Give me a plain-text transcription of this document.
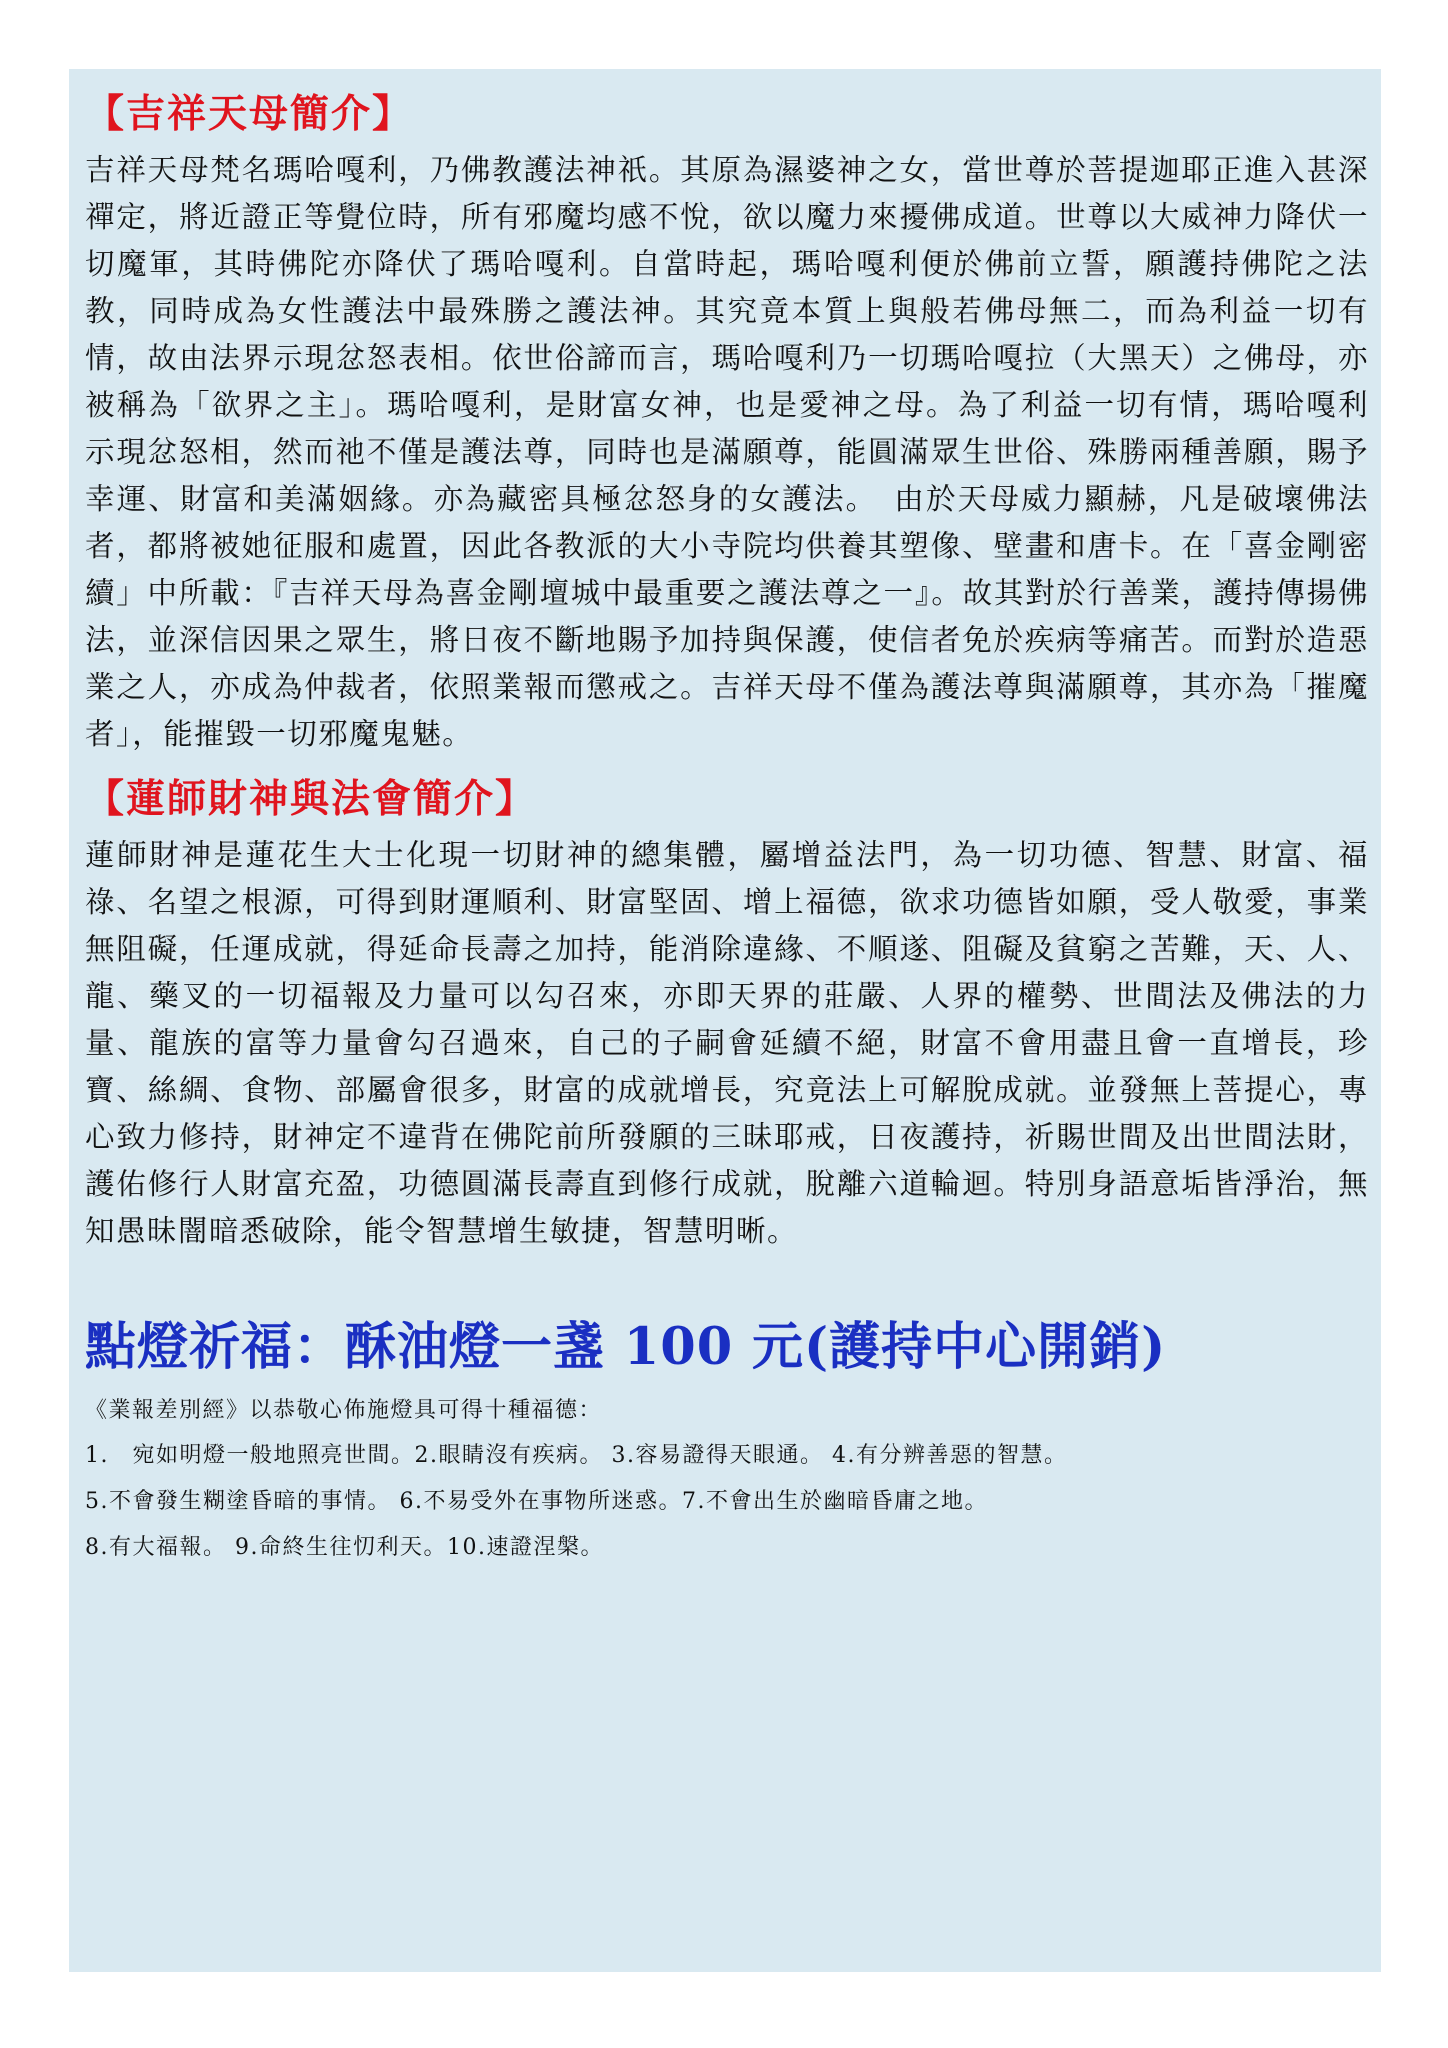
【吉祥天母簡介】

吉祥天母梵名瑪哈嘎利，乃佛教護法神祇。其原為濕婆神之女，當世尊於菩提迦耶正進入甚深禪定，將近證正等覺位時，所有邪魔均感不悅，欲以魔力來擾佛成道。世尊以大威神力降伏一切魔軍，其時佛陀亦降伏了瑪哈嘎利。自當時起，瑪哈嘎利便於佛前立誓，願護持佛陀之法教，同時成為女性護法中最殊勝之護法神。其究竟本質上與般若佛母無二，而為利益一切有情，故由法界示現忿怒表相。依世俗諦而言，瑪哈嘎利乃一切瑪哈嘎拉（大黑天）之佛母，亦被稱為「欲界之主」。瑪哈嘎利，是財富女神，也是愛神之母。為了利益一切有情，瑪哈嘎利示現忿怒相，然而祂不僅是護法尊，同時也是滿願尊，能圓滿眾生世俗、殊勝兩種善願，賜予幸運、財富和美滿姻緣。亦為藏密具極忿怒身的女護法。　由於天母威力顯赫，凡是破壞佛法者，都將被她征服和處置，因此各教派的大小寺院均供養其塑像、壁畫和唐卡。在「喜金剛密續」中所載：『吉祥天母為喜金剛壇城中最重要之護法尊之一』。故其對於行善業，護持傳揚佛法，並深信因果之眾生，將日夜不斷地賜予加持與保護，使信者免於疾病等痛苦。而對於造惡業之人，亦成為仲裁者，依照業報而懲戒之。吉祥天母不僅為護法尊與滿願尊，其亦為「摧魔者」，能摧毀一切邪魔鬼魅。

【蓮師財神與法會簡介】

蓮師財神是蓮花生大士化現一切財神的總集體，屬增益法門，為一切功德、智慧、財富、福祿、名望之根源，可得到財運順利、財富堅固、增上福德，欲求功德皆如願，受人敬愛，事業無阻礙，任運成就，得延命長壽之加持，能消除違緣、不順遂、阻礙及貧窮之苦難，天、人、龍、藥叉的一切福報及力量可以勾召來，亦即天界的莊嚴、人界的權勢、世間法及佛法的力量、龍族的富等力量會勾召過來，自己的子嗣會延續不絕，財富不會用盡且會一直增長，珍寶、絲綢、食物、部屬會很多，財富的成就增長，究竟法上可解脫成就。並發無上菩提心，專心致力修持，財神定不違背在佛陀前所發願的三昧耶戒，日夜護持，祈賜世間及出世間法財，護佑修行人財富充盈，功德圓滿長壽直到修行成就，脫離六道輪迴。特別身語意垢皆淨治，無知愚昧闇暗悉破除，能令智慧增生敏捷，智慧明晰。

點燈祈福：酥油燈一盞 100 元(護持中心開銷)

《業報差別經》以恭敬心佈施燈具可得十種福德：

1.　宛如明燈一般地照亮世間。2.眼睛沒有疾病。 3.容易證得天眼通。 4.有分辨善惡的智慧。

5.不會發生糊塗昏暗的事情。 6.不易受外在事物所迷惑。7.不會出生於幽暗昏庸之地。

8.有大福報。 9.命終生往忉利天。10.速證涅槃。
